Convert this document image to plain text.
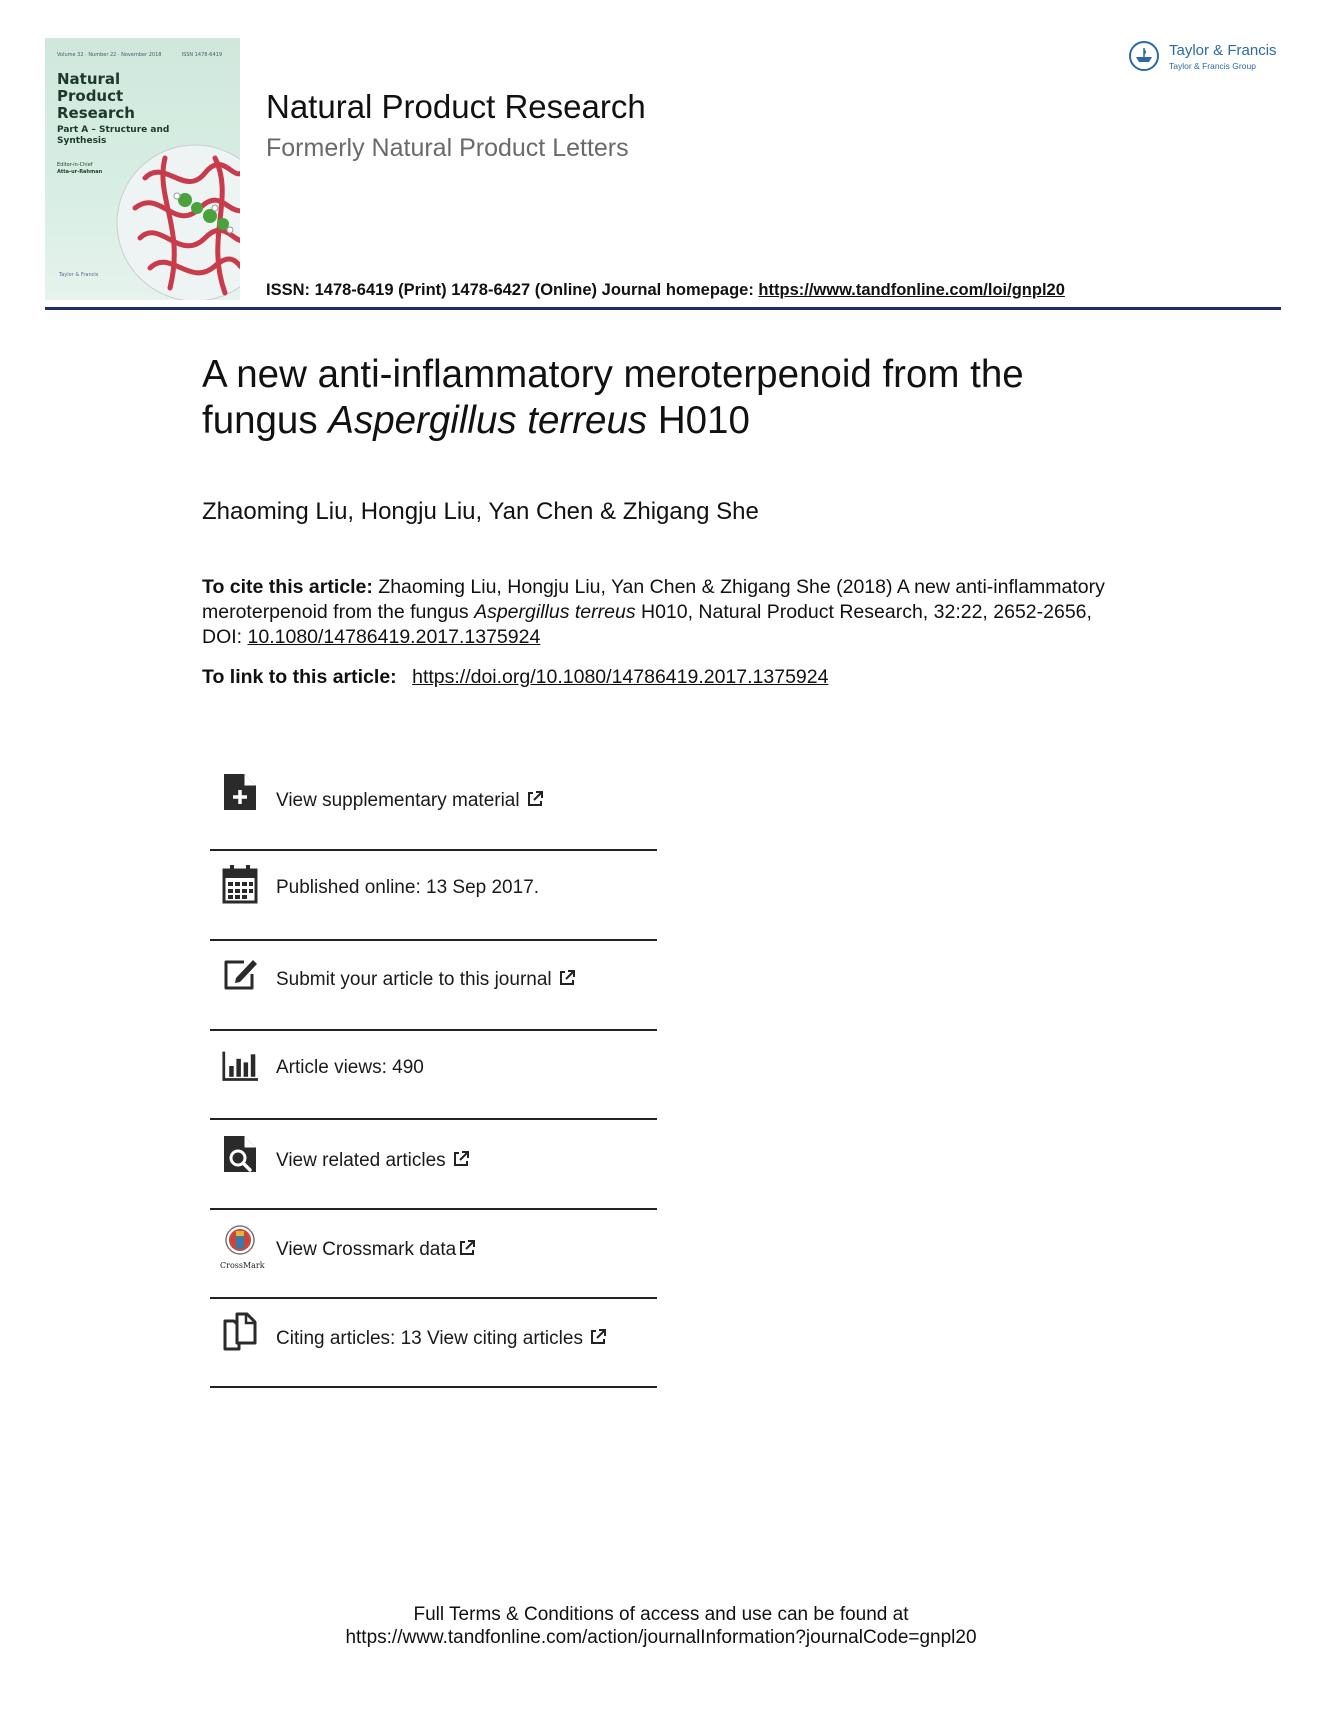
Volume 32 · Number 22 · November 2018	ISSN 1478-6419
Natural Product Research
Part A – Structure and Synthesis
Editor-in-Chief
Atta-ur-Rahman
Taylor & Francis
Natural Product Research
Formerly Natural Product Letters
ISSN: 1478-6419 (Print) 1478-6427 (Online) Journal homepage: https://www.tandfonline.com/loi/gnpl20
Taylor & Francis
Taylor & Francis Group
A new anti-inflammatory meroterpenoid from the
fungus Aspergillus terreus H010
Zhaoming Liu, Hongju Liu, Yan Chen & Zhigang She
To cite this article: Zhaoming Liu, Hongju Liu, Yan Chen & Zhigang She (2018) A new anti-inflammatory meroterpenoid from the fungus Aspergillus terreus H010, Natural Product Research, 32:22, 2652-2656, DOI: 10.1080/14786419.2017.1375924
To link to this article: https://doi.org/10.1080/14786419.2017.1375924
View supplementary material
Published online: 13 Sep 2017.
Submit your article to this journal
Article views: 490
View related articles
CrossMark
View Crossmark data
Citing articles: 13 View citing articles
Full Terms & Conditions of access and use can be found at
https://www.tandfonline.com/action/journalInformation?journalCode=gnpl20
